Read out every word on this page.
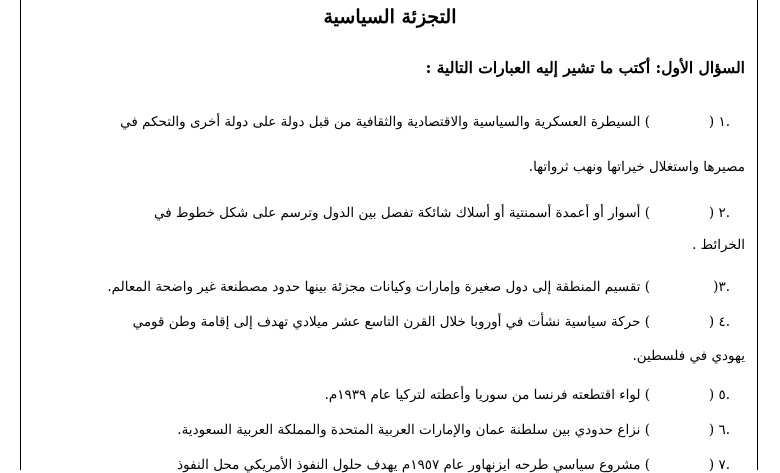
التجزئة السياسية
السؤال الأول: أكتب ما تشير إليه العبارات التالية :
.١ (
) السيطرة العسكرية والسياسية والاقتصادية والثقافية من قبل دولة على دولة أخرى والتحكم في
مصيرها واستغلال خيراتها ونهب ثرواتها.
.٢ (
) أسوار أو أعمدة أسمنتية أو أسلاك شائكة تفصل بين الدول وترسم على شكل خطوط في
الخرائط .
.٣(
) تقسيم المنطقة إلى دول صغيرة وإمارات وكيانات مجزئة بينها حدود مصطنعة غير واضحة المعالم.
.٤ (
) حركة سياسية نشأت في أوروبا خلال القرن التاسع عشر ميلادي تهدف إلى إقامة وطن قومي
يهودي في فلسطين.
.٥ (
) لواء اقتطعته فرنسا من سوريا وأعطته لتركيا عام ١٩٣٩م.
.٦ (
) نزاع حدودي بين سلطنة عمان والإمارات العربية المتحدة والمملكة العربية السعودية.
.٧ (
) مشروع سياسي طرحه ايزنهاور عام ١٩٥٧م يهدف حلول النفوذ الأمريكي محل النفوذ
